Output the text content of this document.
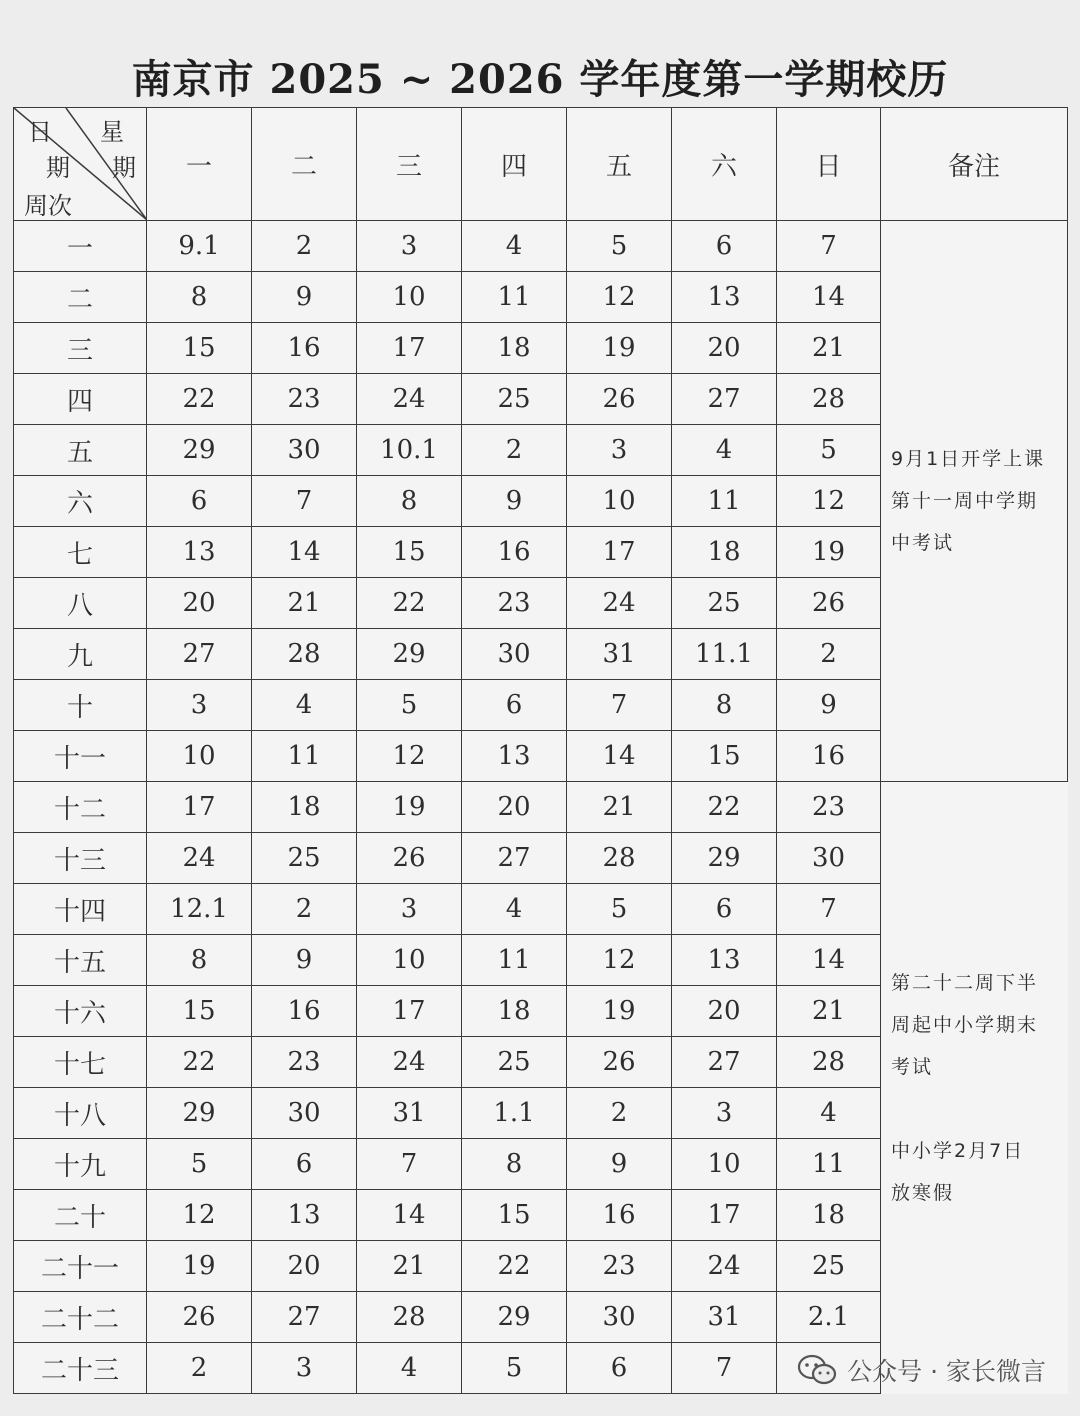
南京市 2025 ~ 2026 学年度第一学期校历
日
期
星
期
周次	一	二	三	四	五	六	日	备注
一	9.1	2	3	4	5	6	7	9月1日开学上课

第十一周中学期

中考试

二	8	9	10	11	12	13	14	
三	15	16	17	18	19	20	21	
四	22	23	24	25	26	27	28	
五	29	30	10.1	2	3	4	5	
六	6	7	8	9	10	11	12	
七	13	14	15	16	17	18	19	
八	20	21	22	23	24	25	26	
九	27	28	29	30	31	11.1	2	
十	3	4	5	6	7	8	9	
十一	10	11	12	13	14	15	16	
十二	17	18	19	20	21	22	23	第二十二周下半

周起中小学期末

考试

中小学2月7日

放寒假

十三	24	25	26	27	28	29	30	
十四	12.1	2	3	4	5	6	7	
十五	8	9	10	11	12	13	14	
十六	15	16	17	18	19	20	21	
十七	22	23	24	25	26	27	28	
十八	29	30	31	1.1	2	3	4	
十九	5	6	7	8	9	10	11	
二十	12	13	14	15	16	17	18	
二十一	19	20	21	22	23	24	25	
二十二	26	27	28	29	30	31	2.1	
二十三	2	3	4	5	6	7			公众号 · 家长微言
